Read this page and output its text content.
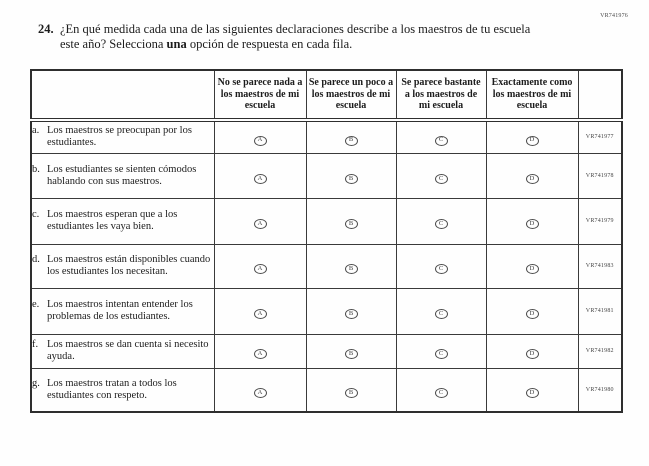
VR741976
24. ¿En qué medida cada una de las siguientes declaraciones describe a los maestros de tu escuela este año? Selecciona una opción de respuesta en cada fila.
	No se parece nada a los maestros de mi escuela	Se parece un poco a los maestros de mi escuela	Se parece bastante a los maestros de mi escuela	Exactamente como los maestros de mi escuela	

a. Los maestros se preocupan por los estudiantes.	A	B	C	D	VR741977

b. Los estudiantes se sienten cómodos hablando con sus maestros.	A	B	C	D	VR741978

c. Los maestros esperan que a los estudiantes les vaya bien.	A	B	C	D	VR741979

d. Los maestros están disponibles cuando los estudiantes los necesitan.	A	B	C	D	VR741983

e. Los maestros intentan entender los problemas de los estudiantes.	A	B	C	D	VR741981

f. Los maestros se dan cuenta si necesito ayuda.	A	B	C	D	VR741982

g. Los maestros tratan a todos los estudiantes con respeto.	A	B	C	D	VR741980
